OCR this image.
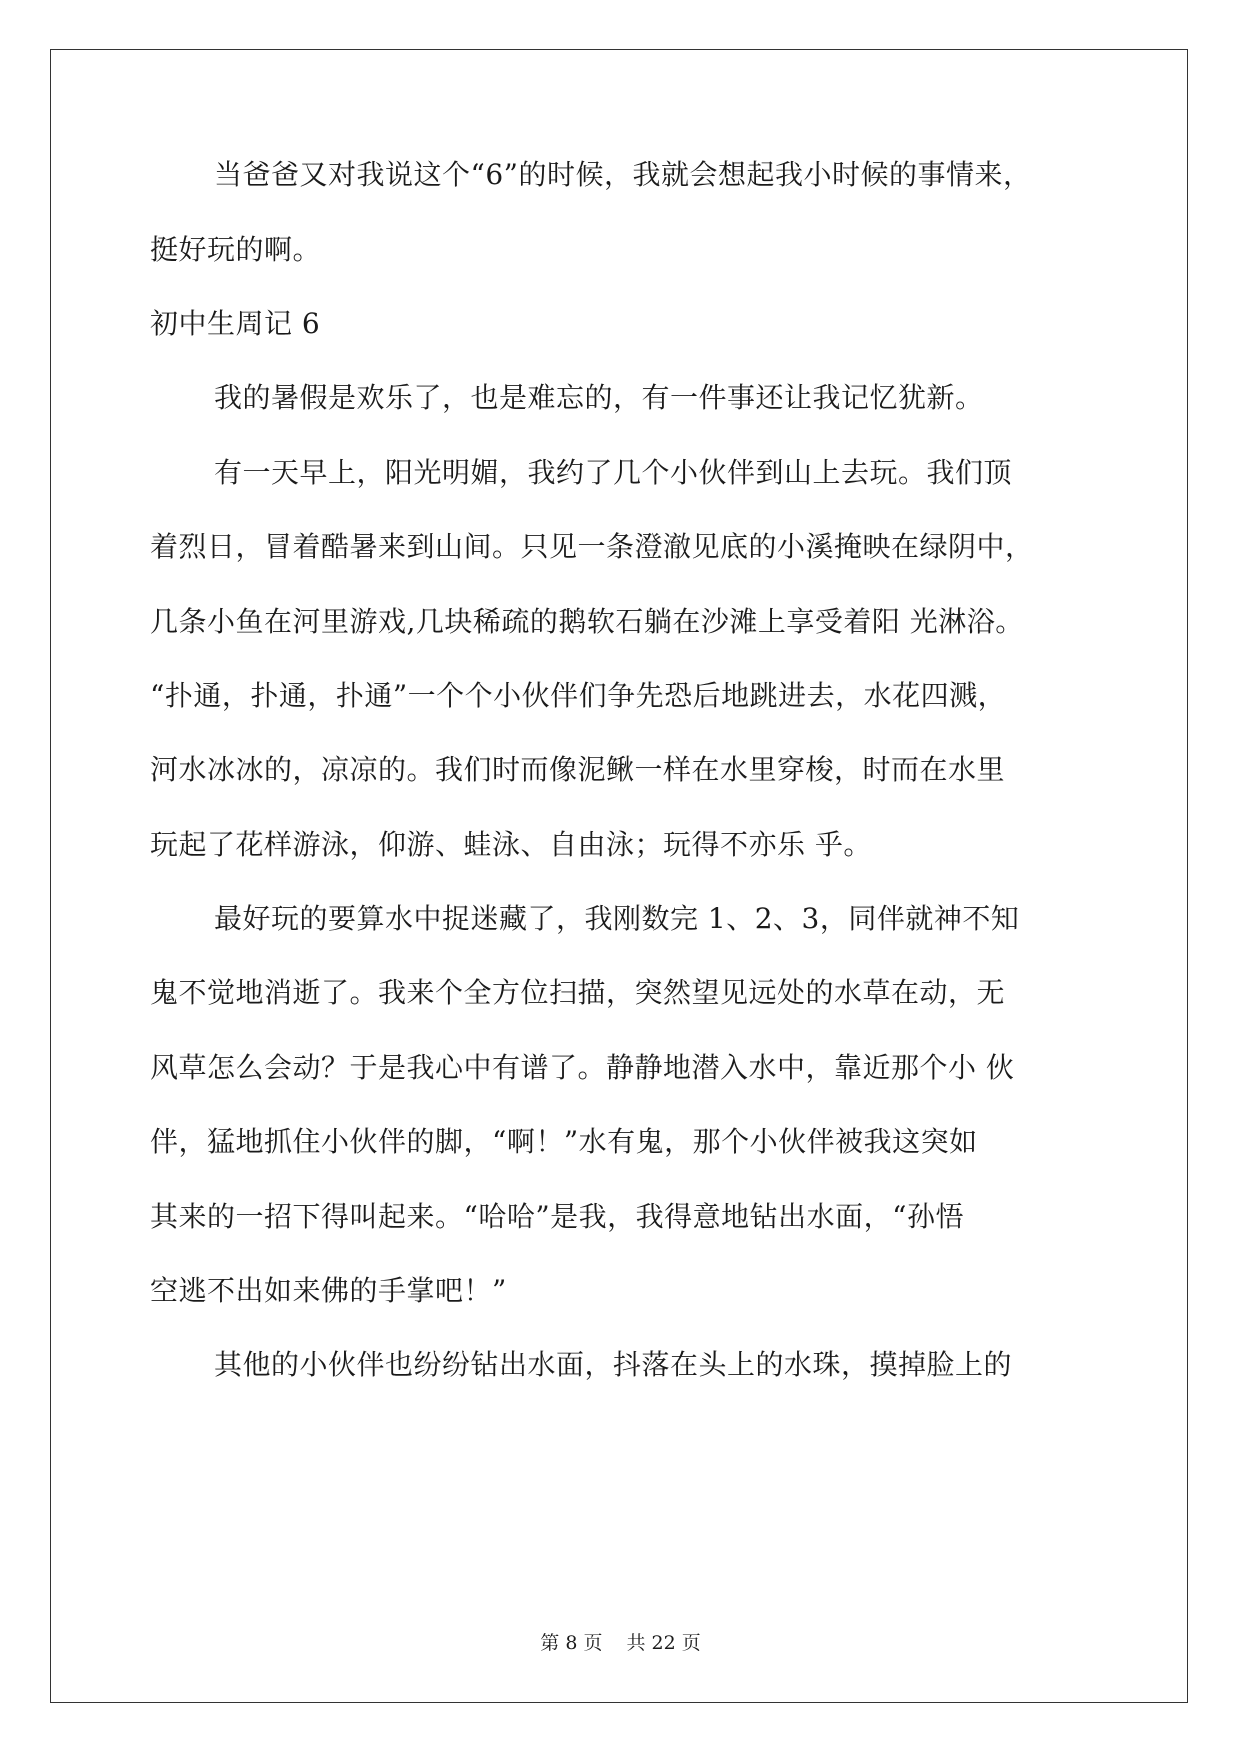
当爸爸又对我说这个“6”的时候，我就会想起我小时候的事情来，
挺好玩的啊。
初中生周记 6
我的暑假是欢乐了，也是难忘的，有一件事还让我记忆犹新。
有一天早上，阳光明媚，我约了几个小伙伴到山上去玩。我们顶
着烈日，冒着酷暑来到山间。只见一条澄澈见底的小溪掩映在绿阴中，
几条小鱼在河里游戏,几块稀疏的鹅软石躺在沙滩上享受着阳 光淋浴。
“扑通，扑通，扑通”一个个小伙伴们争先恐后地跳进去，水花四溅，
河水冰冰的，凉凉的。我们时而像泥鳅一样在水里穿梭，时而在水里
玩起了花样游泳，仰游、蛙泳、自由泳；玩得不亦乐 乎。
最好玩的要算水中捉迷藏了，我刚数完 1、2、3，同伴就神不知
鬼不觉地消逝了。我来个全方位扫描，突然望见远处的水草在动，无
风草怎么会动？于是我心中有谱了。静静地潜入水中，靠近那个小 伙
伴，猛地抓住小伙伴的脚，“啊！”水有鬼，那个小伙伴被我这突如
其来的一招下得叫起来。“哈哈”是我，我得意地钻出水面，“孙悟
空逃不出如来佛的手掌吧！”
其他的小伙伴也纷纷钻出水面，抖落在头上的水珠，摸掉脸上的
第 8 页 共 22 页
